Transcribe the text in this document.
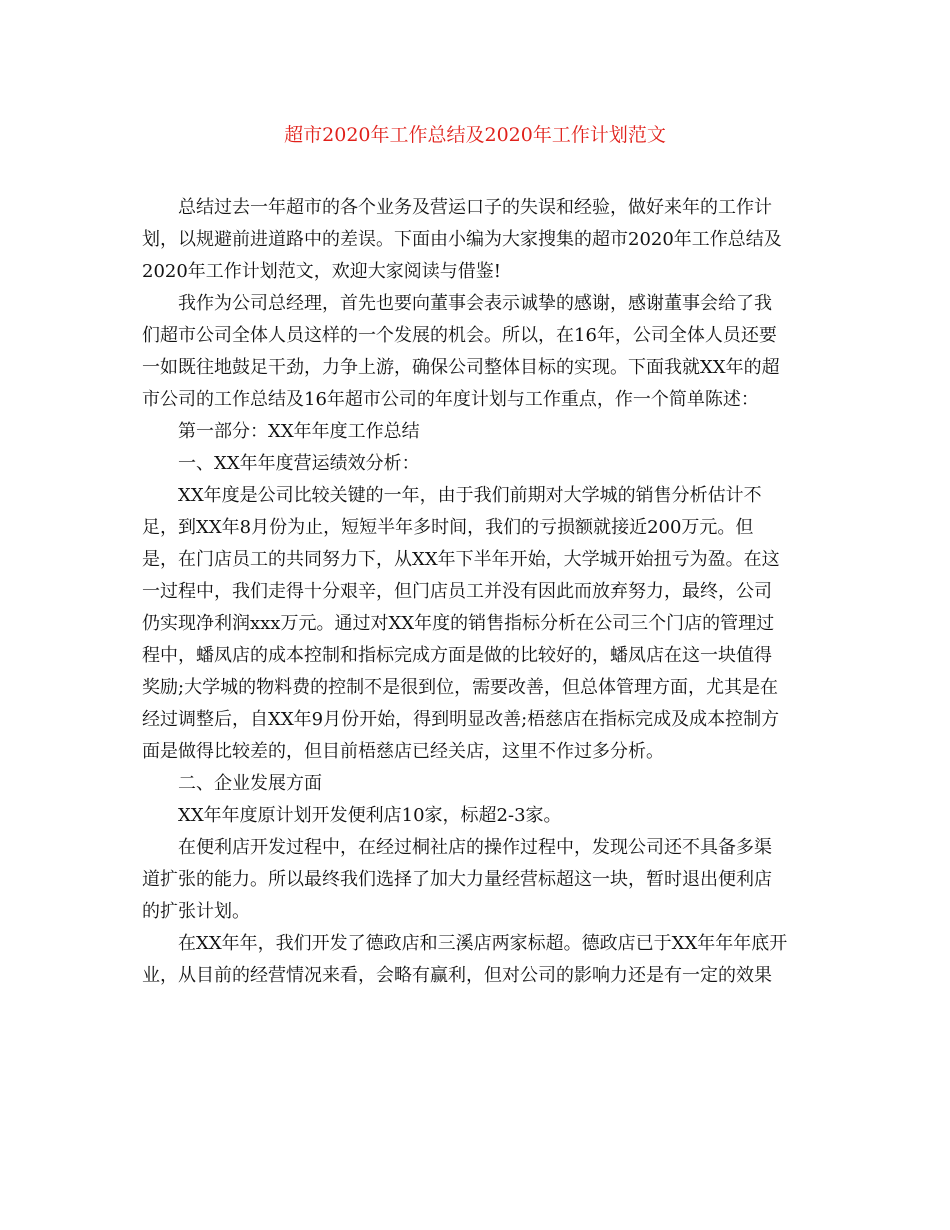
超市2020年工作总结及2020年工作计划范文

总结过去一年超市的各个业务及营运口子的失误和经验，做好来年的工作计
划，以规避前进道路中的差误。下面由小编为大家搜集的超市2020年工作总结及
2020年工作计划范文，欢迎大家阅读与借鉴!

我作为公司总经理，首先也要向董事会表示诚挚的感谢，感谢董事会给了我
们超市公司全体人员这样的一个发展的机会。所以，在16年，公司全体人员还要
一如既往地鼓足干劲，力争上游，确保公司整体目标的实现。下面我就XX年的超
市公司的工作总结及16年超市公司的年度计划与工作重点，作一个简单陈述：

第一部分：XX年年度工作总结

一、XX年年度营运绩效分析：

XX年度是公司比较关键的一年，由于我们前期对大学城的销售分析估计不
足，到XX年8月份为止，短短半年多时间，我们的亏损额就接近200万元。但
是，在门店员工的共同努力下，从XX年下半年开始，大学城开始扭亏为盈。在这
一过程中，我们走得十分艰辛，但门店员工并没有因此而放弃努力，最终，公司
仍实现净利润xxx万元。通过对XX年度的销售指标分析在公司三个门店的管理过
程中，蟠凤店的成本控制和指标完成方面是做的比较好的，蟠凤店在这一块值得
奖励;大学城的物料费的控制不是很到位，需要改善，但总体管理方面，尤其是在
经过调整后，自XX年9月份开始，得到明显改善;梧慈店在指标完成及成本控制方
面是做得比较差的，但目前梧慈店已经关店，这里不作过多分析。

二、企业发展方面

XX年年度原计划开发便利店10家，标超2-3家。

在便利店开发过程中，在经过桐社店的操作过程中，发现公司还不具备多渠
道扩张的能力。所以最终我们选择了加大力量经营标超这一块，暂时退出便利店
的扩张计划。

在XX年年，我们开发了德政店和三溪店两家标超。德政店已于XX年年年底开
业，从目前的经营情况来看，会略有赢利，但对公司的影响力还是有一定的效果
